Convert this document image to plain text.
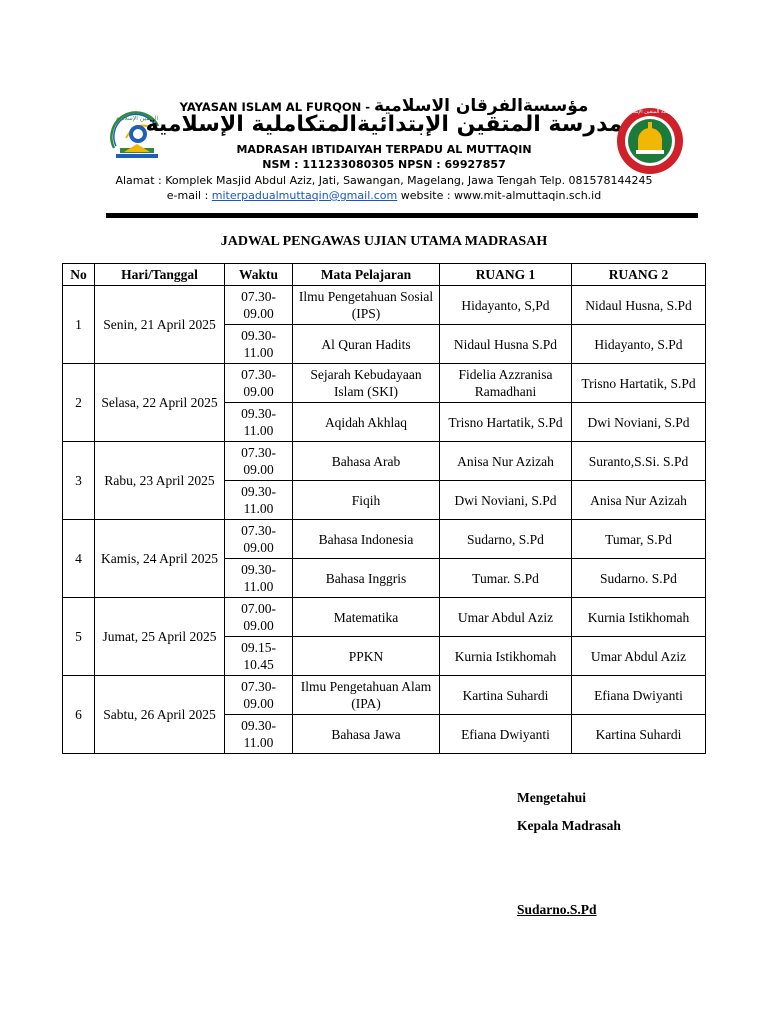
المتقين الإسلامية
YAYASAN ISLAM AL FURQON - مؤسسةالفرقان الاسلامية
مدرسة المتقين الإبتدائيةالمتكاملية الإسلامية
MADRASAH IBTIDAIYAH TERPADU AL MUTTAQIN
NSM : 111233080305 NPSN : 69927857
Alamat : Komplek Masjid Abdul Aziz, Jati, Sawangan, Magelang, Jawa Tengah Telp. 081578144245
e-mail : miterpadualmuttaqin@gmail.com website : www.mit-almuttaqin.sch.id
مدرسة المتقين الإسلامية
JADWAL PENGAWAS UJIAN UTAMA MADRASAH
No	Hari/Tanggal	Waktu	Mata Pelajaran	RUANG 1	RUANG 2
1	Senin, 21 April 2025	07.30-09.00	Ilmu Pengetahuan Sosial (IPS)	Hidayanto, S,Pd	Nidaul Husna, S.Pd
		09.30-11.00	Al Quran Hadits	Nidaul Husna S.Pd	Hidayanto, S.Pd
2	Selasa, 22 April 2025	07.30-09.00	Sejarah Kebudayaan Islam (SKI)	Fidelia Azzranisa Ramadhani	Trisno Hartatik, S.Pd
		09.30-11.00	Aqidah Akhlaq	Trisno Hartatik, S.Pd	Dwi Noviani, S.Pd
3	Rabu, 23 April 2025	07.30-09.00	Bahasa Arab	Anisa Nur Azizah	Suranto,S.Si. S.Pd
		09.30-11.00	Fiqih	Dwi Noviani, S.Pd	Anisa Nur Azizah
4	Kamis, 24 April 2025	07.30-09.00	Bahasa Indonesia	Sudarno, S.Pd	Tumar, S.Pd
		09.30-11.00	Bahasa Inggris	Tumar. S.Pd	Sudarno. S.Pd
5	Jumat, 25 April 2025	07.00-09.00	Matematika	Umar Abdul Aziz	Kurnia Istikhomah
		09.15-10.45	PPKN	Kurnia Istikhomah	Umar Abdul Aziz
6	Sabtu, 26 April 2025	07.30-09.00	Ilmu Pengetahuan Alam (IPA)	Kartina Suhardi	Efiana Dwiyanti
		09.30-11.00	Bahasa Jawa	Efiana Dwiyanti	Kartina Suhardi
Mengetahui
Kepala Madrasah
Sudarno.S.Pd
